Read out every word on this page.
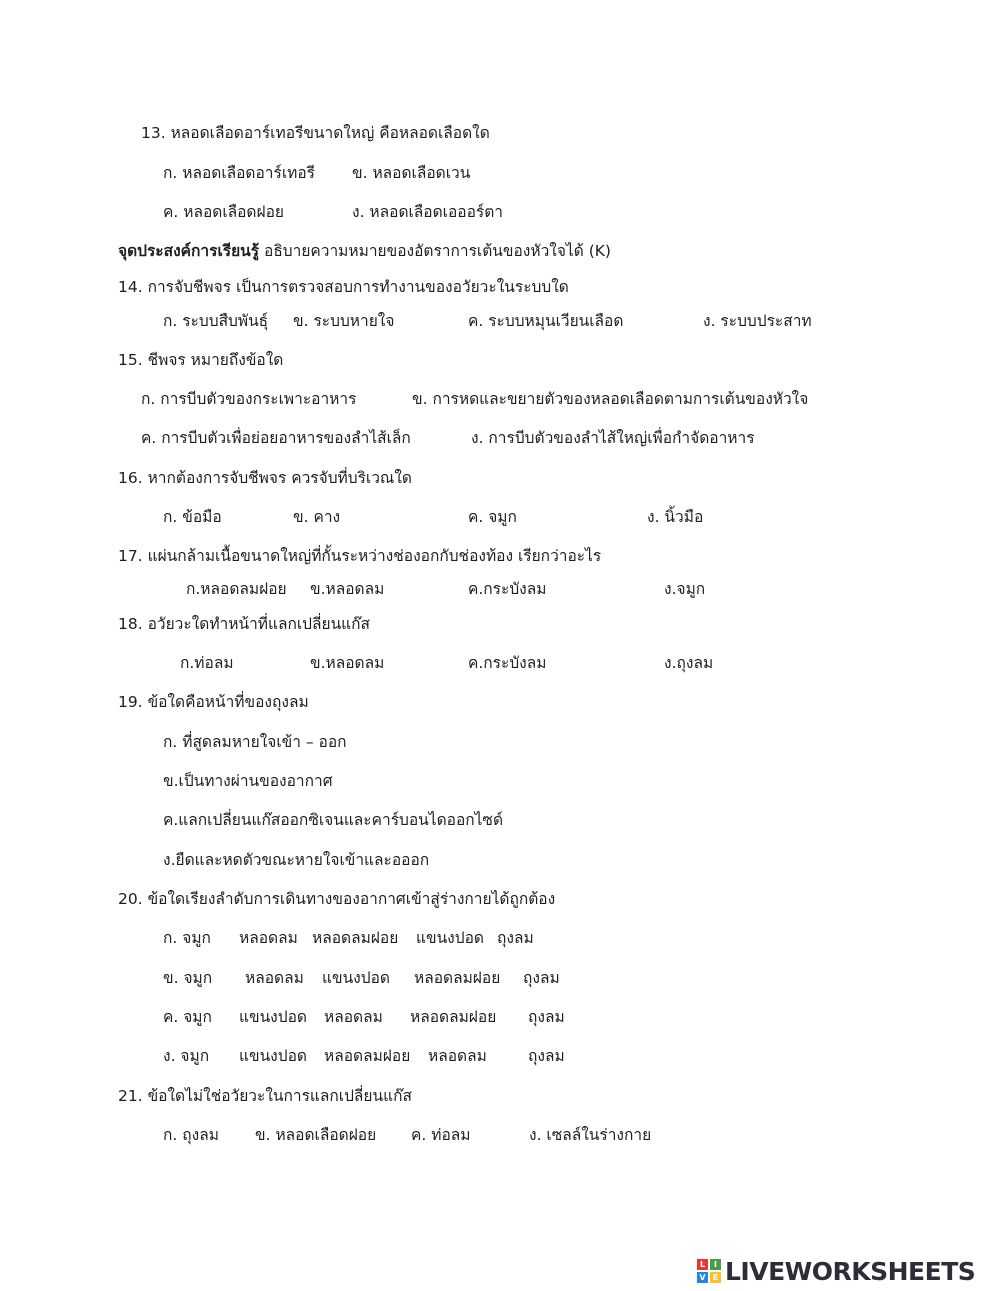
13. หลอดเลือดอาร์เทอรีขนาดใหญ่ คือหลอดเลือดใด
ก. หลอดเลือดอาร์เทอรี ข. หลอดเลือดเวน
ค. หลอดเลือดฝอย	ง. หลอดเลือดเอออร์ตา
จุดประสงค์การเรียนรู้ อธิบายความหมายของอัตราการเต้นของหัวใจได้ (K)
14. การจับชีพจร เป็นการตรวจสอบการทำงานของอวัยวะในระบบใด
ก. ระบบสืบพันธุ์ ข. ระบบหายใจ	ค. ระบบหมุนเวียนเลือด	ง. ระบบประสาท
15. ชีพจร หมายถึงข้อใด
ก. การบีบตัวของกระเพาะอาหาร	ข. การหดและขยายตัวของหลอดเลือดตามการเต้นของหัวใจ
ค. การบีบตัวเพื่อย่อยอาหารของลำไส้เล็ก	ง. การบีบตัวของลำไส้ใหญ่เพื่อกำจัดอาหาร
16. หากต้องการจับชีพจร ควรจับที่บริเวณใด
ก. ข้อมือ	ข. คาง	ค. จมูก	ง. นิ้วมือ
17. แผ่นกล้ามเนื้อขนาดใหญ่ที่กั้นระหว่างช่องอกกับช่องท้อง เรียกว่าอะไร
ก.หลอดลมฝอย ข.หลอดลม	ค.กระบังลม	ง.จมูก
18. อวัยวะใดทำหน้าที่แลกเปลี่ยนแก๊ส
ก.ท่อลม	ข.หลอดลม	ค.กระบังลม	ง.ถุงลม
19. ข้อใดคือหน้าที่ของถุงลม
ก. ที่สูดลมหายใจเข้า – ออก
ข.เป็นทางผ่านของอากาศ
ค.แลกเปลี่ยนแก๊สออกซิเจนและคาร์บอนไดออกไซด์
ง.ยืดและหดตัวขณะหายใจเข้าและอออก
20. ข้อใดเรียงลำดับการเดินทางของอากาศเข้าสู่ร่างกายได้ถูกต้อง
ก. จมูก หลอดลม หลอดลมฝอย แขนงปอด ถุงลม
ข. จมูก หลอดลม แขนงปอด หลอดลมฝอย ถุงลม
ค. จมูก แขนงปอด หลอดลม หลอดลมฝอย ถุงลม
ง. จมูก แขนงปอด หลอดลมฝอย หลอดลม	ถุงลม
21. ข้อใดไม่ใช่อวัยวะในการแลกเปลี่ยนแก๊ส
ก. ถุงลม ข. หลอดเลือดฝอย ค. ท่อลม	ง. เซลล์ในร่างกาย
L	I
V E LIVEWORKSHEETS
